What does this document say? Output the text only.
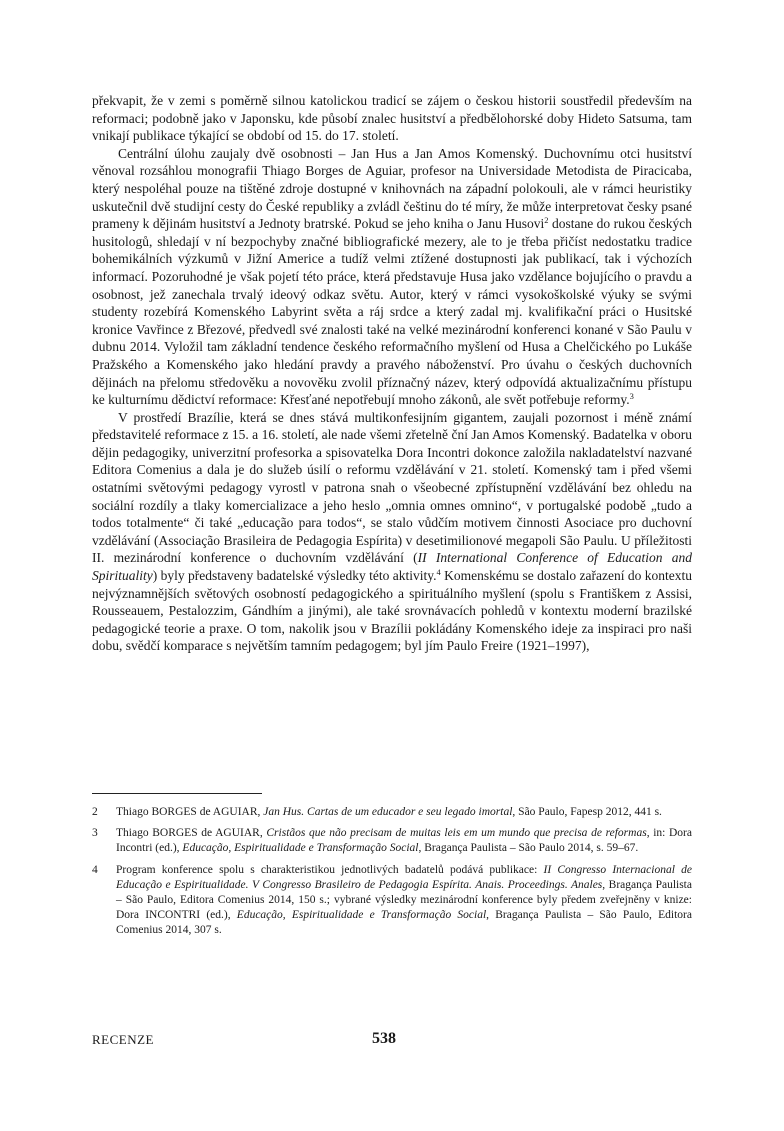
překvapit, že v zemi s poměrně silnou katolickou tradicí se zájem o českou historii soustředil především na reformaci; podobně jako v Japonsku, kde působí znalec husitství a předbělohorské doby Hideto Satsuma, tam vnikají publikace týkající se období od 15. do 17. století.

Centrální úlohu zaujaly dvě osobnosti – Jan Hus a Jan Amos Komenský. Duchovnímu otci husitství věnoval rozsáhlou monografii Thiago Borges de Aguiar, profesor na Universidade Metodista de Piracicaba, který nespoléhal pouze na tištěné zdroje dostupné v knihovnách na západní polokouli, ale v rámci heuristiky uskutečnil dvě studijní cesty do České republiky a zvládl češtinu do té míry, že může interpretovat česky psané prameny k dějinám husitství a Jednoty bratrské. Pokud se jeho kniha o Janu Husovi$^2$ dostane do rukou českých husitologů, shledají v ní bezpochyby značné bibliografické mezery, ale to je třeba přičíst nedostatku tradice bohemikálních výzkumů v Jižní Americe a tudíž velmi ztížené dostupnosti jak publikací, tak i výchozích informací. Pozoruhodné je však pojetí této práce, která představuje Husa jako vzdělance bojujícího o pravdu a osobnost, jež zanechala trvalý ideový odkaz světu. Autor, který v rámci vysokoškolské výuky se svými studenty rozebírá Komenského Labyrint světa a ráj srdce a který zadal mj. kvalifikační práci o Husitské kronice Vavřince z Březové, předvedl své znalosti také na velké mezinárodní konferenci konané v São Paulu v dubnu 2014. Vyložil tam základní tendence českého reformačního myšlení od Husa a Chelčického po Lukáše Pražského a Komenského jako hledání pravdy a pravého náboženství. Pro úvahu o českých duchovních dějinách na přelomu středověku a novověku zvolil příznačný název, který odpovídá aktualizačnímu přístupu ke kulturnímu dědictví reformace: Křesťané nepotřebují mnoho zákonů, ale svět potřebuje reformy.$^3$

V prostředí Brazílie, která se dnes stává multikonfesijním gigantem, zaujali pozornost i méně známí představitelé reformace z 15. a 16. století, ale nade všemi zřetelně ční Jan Amos Komenský. Badatelka v oboru dějin pedagogiky, univerzitní profesorka a spisovatelka Dora Incontri dokonce založila nakladatelství nazvané Editora Comenius a dala je do služeb úsilí o reformu vzdělávání v 21. století. Komenský tam i před všemi ostatními světovými pedagogy vyrostl v patrona snah o všeobecné zpřístupnění vzdělávání bez ohledu na sociální rozdíly a tlaky komercializace a jeho heslo „omnia omnes omnino“, v portugalské podobě „tudo a todos totalmente“ či také „educação para todos“, se stalo vůdčím motivem činnosti Asociace pro duchovní vzdělávání (Associação Brasileira de Pedagogia Espírita) v desetimilionové megapoli São Paulu. U příležitosti II. mezinárodní konference o duchovním vzdělávání (II International Conference of Education and Spirituality) byly představeny badatelské výsledky této aktivity.$^4$ Komenskému se dostalo zařazení do kontextu nejvýznamnějších světových osobností pedagogického a spirituálního myšlení (spolu s Františkem z Assisi, Rousseauem, Pestalozzim, Gándhím a jinými), ale také srovnávacích pohledů v kontextu moderní brazilské pedagogické teorie a praxe. O tom, nakolik jsou v Brazílii pokládány Komenského ideje za inspiraci pro naši dobu, svědčí komparace s největším tamním pedagogem; byl jím Paulo Freire (1921–1997),

2	Thiago BORGES de AGUIAR, Jan Hus. Cartas de um educador e seu legado imortal, São Paulo, Fapesp 2012, 441 s.
3	Thiago BORGES de AGUIAR, Cristãos que não precisam de muitas leis em um mundo que precisa de reformas, in: Dora Incontri (ed.), Educação, Espiritualidade e Transformação Social, Bragança Paulista – São Paulo 2014, s. 59–67.
4	Program konference spolu s charakteristikou jednotlivých badatelů podává publikace: II Congresso Internacional de Educação e Espiritualidade. V Congresso Brasileiro de Pedagogia Espírita. Anais. Proceedings. Anales, Bragança Paulista – São Paulo, Editora Comenius 2014, 150 s.; vybrané výsledky mezinárodní konference byly předem zveřejněny v knize: Dora INCONTRI (ed.), Educação, Espiritualidade e Transformação Social, Bragança Paulista – São Paulo, Editora Comenius 2014, 307 s.
RECENZE	538
